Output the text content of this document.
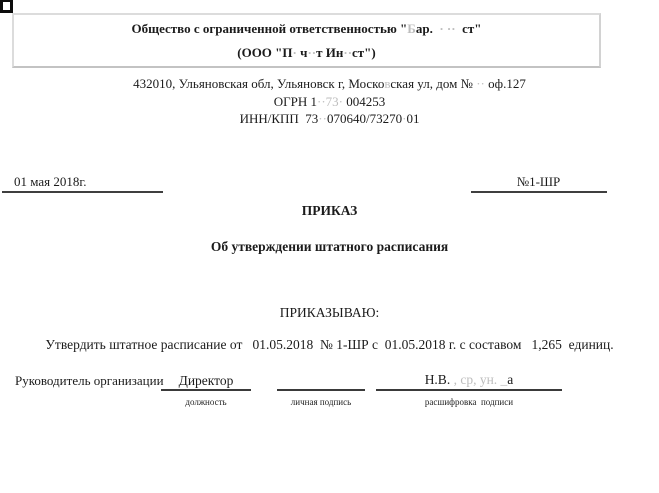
Общество с ограниченной ответственностью "Бар.  · ··  ст"
(ООО "П· ч··т Ин··ст")
432010, Ульяновская обл, Ульяновск г, Московская ул, дом № ·· оф.127
ОГРН 1··73· 004253
ИНН/КПП  73··070640/73270·01
01 мая 2018г.	№1-ШР
ПРИКАЗ
Об утверждении штатного расписания
ПРИКАЗЫВАЮ:
Утвердить штатное расписание от   01.05.2018  № 1-ШР с  01.05.2018 г. с составом   1,265  единиц.
Руководитель организации	Директор	Н.В. , ср, ун. _а
должность	личная подпись	расшифровка  подписи
